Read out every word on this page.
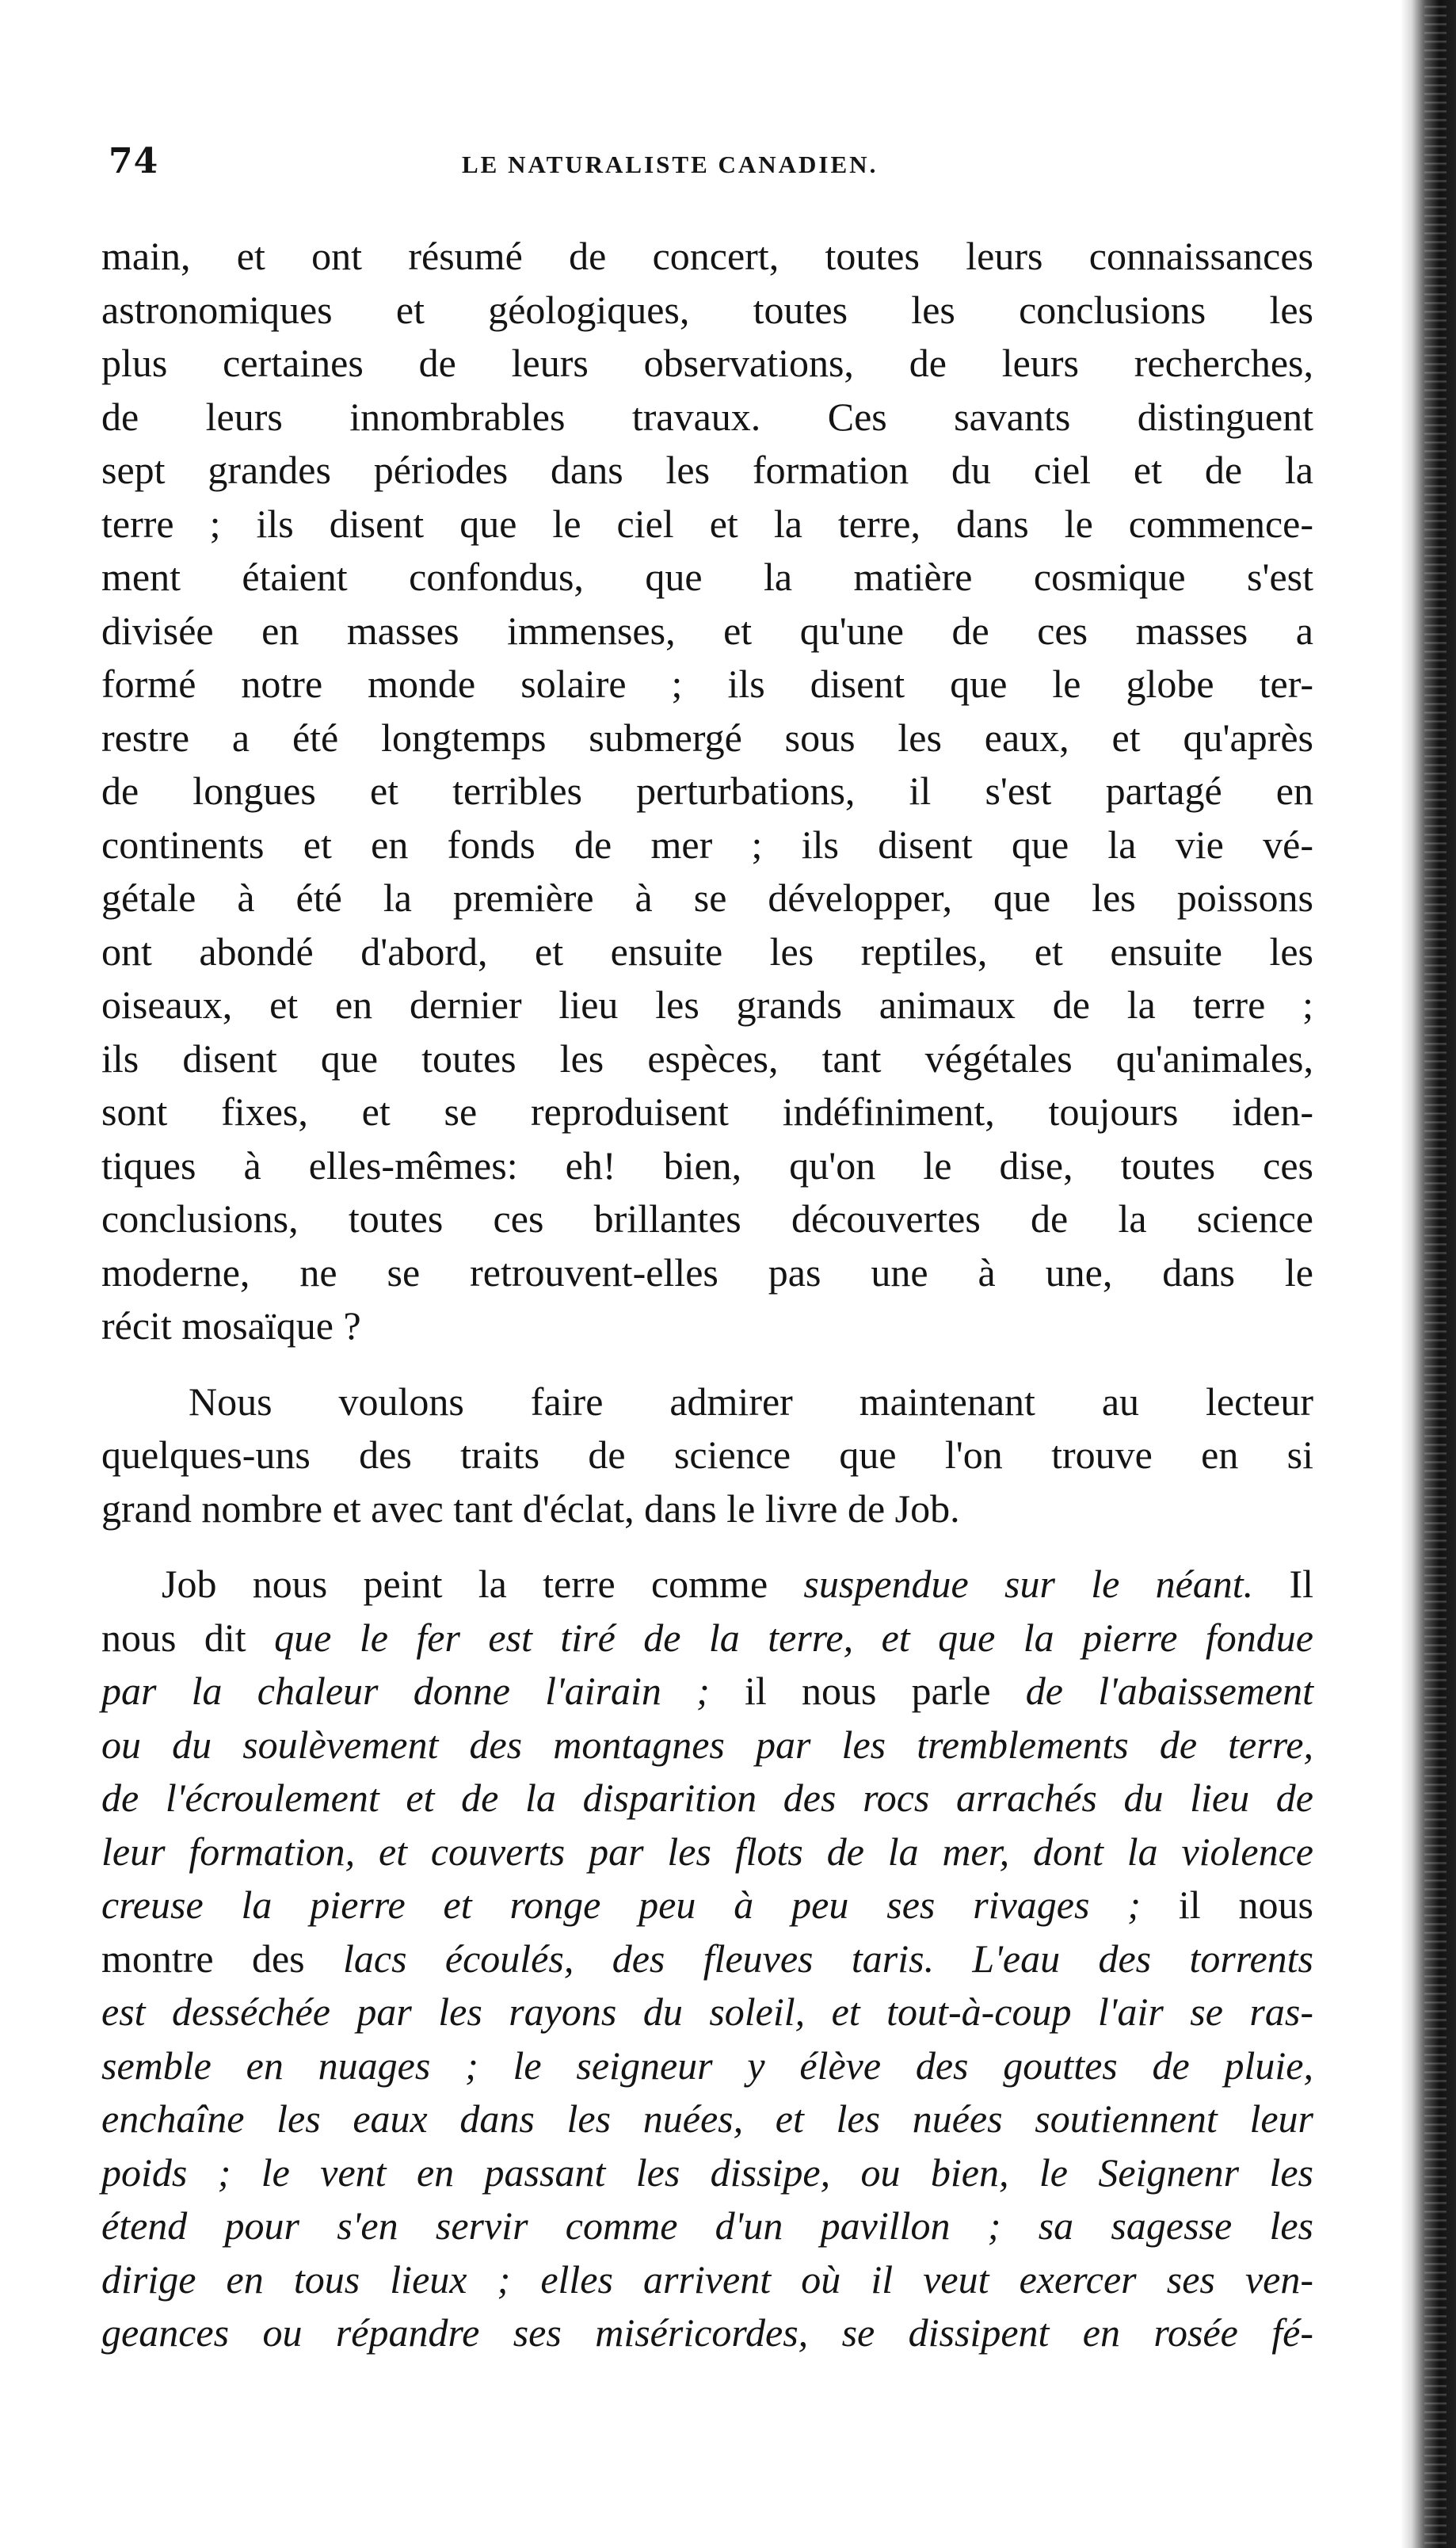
74	LE NATURALISTE CANADIEN.
main, et ont résumé de concert, toutes leurs connaissances
astronomiques et géologiques, toutes les conclusions les
plus certaines de leurs observations, de leurs recherches,
de leurs innombrables travaux. Ces savants distinguent
sept grandes périodes dans les formation du ciel et de la
terre ; ils disent que le ciel et la terre, dans le commence-
ment étaient confondus, que la matière cosmique s'est
divisée en masses immenses, et qu'une de ces masses a
formé notre monde solaire ; ils disent que le globe ter-
restre a été longtemps submergé sous les eaux, et qu'après
de longues et terribles perturbations, il s'est partagé en
continents et en fonds de mer ; ils disent que la vie vé-
gétale à été la première à se développer, que les poissons
ont abondé d'abord, et ensuite les reptiles, et ensuite les
oiseaux, et en dernier lieu les grands animaux de la terre ;
ils disent que toutes les espèces, tant végétales qu'animales,
sont fixes, et se reproduisent indéfiniment, toujours iden-
tiques à elles-mêmes: eh! bien, qu'on le dise, toutes ces
conclusions, toutes ces brillantes découvertes de la science
moderne, ne se retrouvent-elles pas une à une, dans le
récit mosaïque ?
Nous voulons faire admirer maintenant au lecteur
quelques-uns des traits de science que l'on trouve en si
grand nombre et avec tant d'éclat, dans le livre de Job.
Job nous peint la terre comme suspendue sur le néant. Il
nous dit que le fer est tiré de la terre, et que la pierre fondue
par la chaleur donne l'airain ; il nous parle de l'abaissement
ou du soulèvement des montagnes par les tremblements de terre,
de l'écroulement et de la disparition des rocs arrachés du lieu de
leur formation, et couverts par les flots de la mer, dont la violence
creuse la pierre et ronge peu à peu ses rivages ; il nous
montre des lacs écoulés, des fleuves taris. L'eau des torrents
est desséchée par les rayons du soleil, et tout-à-coup l'air se ras-
semble en nuages ; le seigneur y élève des gouttes de pluie,
enchaîne les eaux dans les nuées, et les nuées soutiennent leur
poids ; le vent en passant les dissipe, ou bien, le Seignenr les
étend pour s'en servir comme d'un pavillon ; sa sagesse les
dirige en tous lieux ; elles arrivent où il veut exercer ses ven-
geances ou répandre ses miséricordes, se dissipent en rosée fé-
